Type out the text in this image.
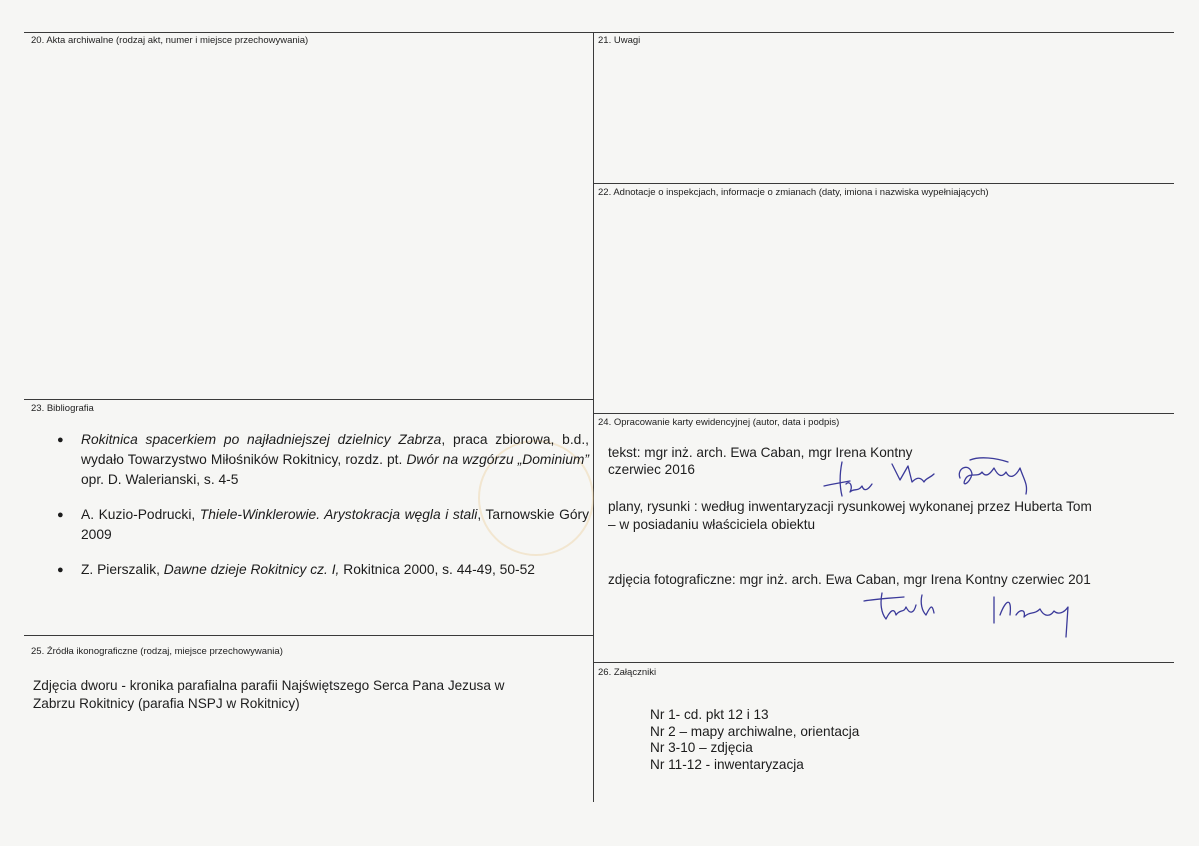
20. Akta archiwalne (rodzaj akt, numer i miejsce przechowywania)	21. Uwagi
22. Adnotacje o inspekcjach, informacje o zmianach (daty, imiona i nazwiska wypełniających)
23. Bibliografia
24. Opracowanie karty ewidencyjnej (autor, data i podpis)
25. Źródła ikonograficzne (rodzaj, miejsce przechowywania)
26. Załączniki
● Rokitnica spacerkiem po najładniejszej dzielnicy Zabrza, praca zbiorowa, b.d., wydało Towarzystwo Miłośników Rokitnicy, rozdz. pt. Dwór na wzgórzu „Dominium” opr. D. Walerianski, s. 4-5
● A. Kuzio-Podrucki, Thiele-Winklerowie. Arystokracja węgla i stali, Tarnowskie Góry 2009
● Z. Pierszalik, Dawne dzieje Rokitnicy cz. I, Rokitnica 2000, s. 44-49, 50-52
tekst: mgr inż. arch. Ewa Caban, mgr Irena Kontny
czerwiec 2016
plany, rysunki : według inwentaryzacji rysunkowej wykonanej przez Huberta Tom
– w posiadaniu właściciela obiektu
zdjęcia fotograficzne: mgr inż. arch. Ewa Caban, mgr Irena Kontny czerwiec 201
Zdjęcia dworu - kronika parafialna parafii Najświętszego Serca Pana Jezusa w
Zabrzu Rokitnicy (parafia NSPJ w Rokitnicy)
Nr 1- cd. pkt 12 i 13
Nr 2 – mapy archiwalne, orientacja
Nr 3-10 – zdjęcia
Nr 11-12 - inwentaryzacja
